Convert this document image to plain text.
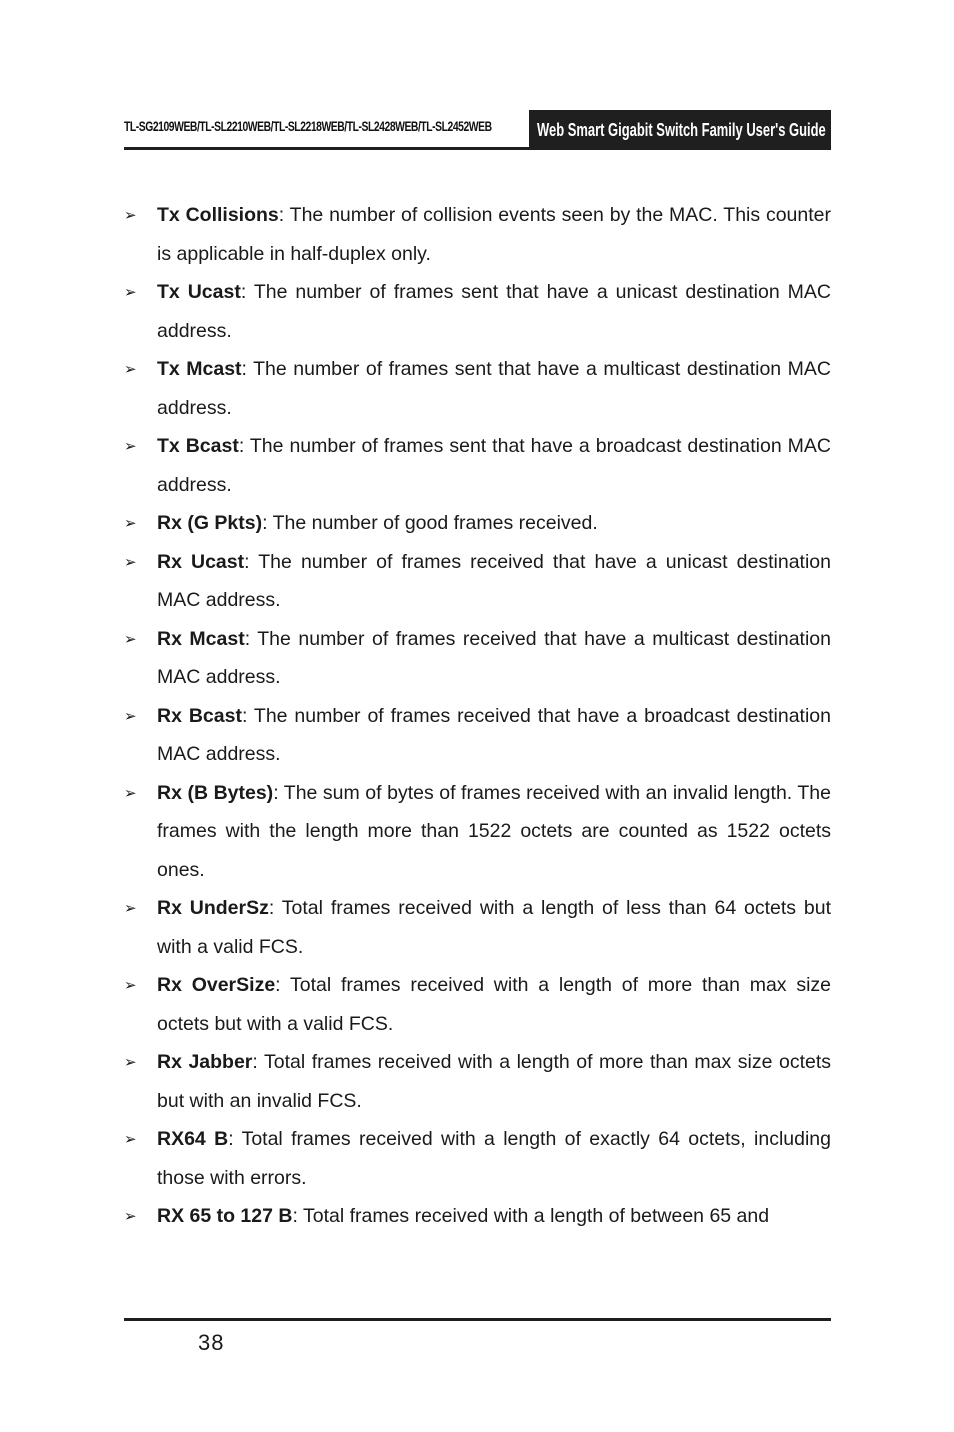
TL-SG2109WEB/TL-SL2210WEB/TL-SL2218WEB/TL-SL2428WEB/TL-SL2452WEB	Web Smart Gigabit Switch Family User's Guide
➢ Tx Collisions: The number of collision events seen by the MAC. This counter is applicable in half-duplex only.
➢ Tx Ucast: The number of frames sent that have a unicast destination MAC address.
➢ Tx Mcast: The number of frames sent that have a multicast destination MAC address.
➢ Tx Bcast: The number of frames sent that have a broadcast destination MAC address.
➢ Rx (G Pkts): The number of good frames received.
➢ Rx Ucast: The number of frames received that have a unicast destination MAC address.
➢ Rx Mcast: The number of frames received that have a multicast destination MAC address.
➢ Rx Bcast: The number of frames received that have a broadcast destination MAC address.
➢ Rx (B Bytes): The sum of bytes of frames received with an invalid length. The frames with the length more than 1522 octets are counted as 1522 octets ones.
➢ Rx UnderSz: Total frames received with a length of less than 64 octets but with a valid FCS.
➢ Rx OverSize: Total frames received with a length of more than max size octets but with a valid FCS.
➢ Rx Jabber: Total frames received with a length of more than max size octets but with an invalid FCS.
➢ RX64 B: Total frames received with a length of exactly 64 octets, including those with errors.
➢ RX 65 to 127 B: Total frames received with a length of between 65 and
38
